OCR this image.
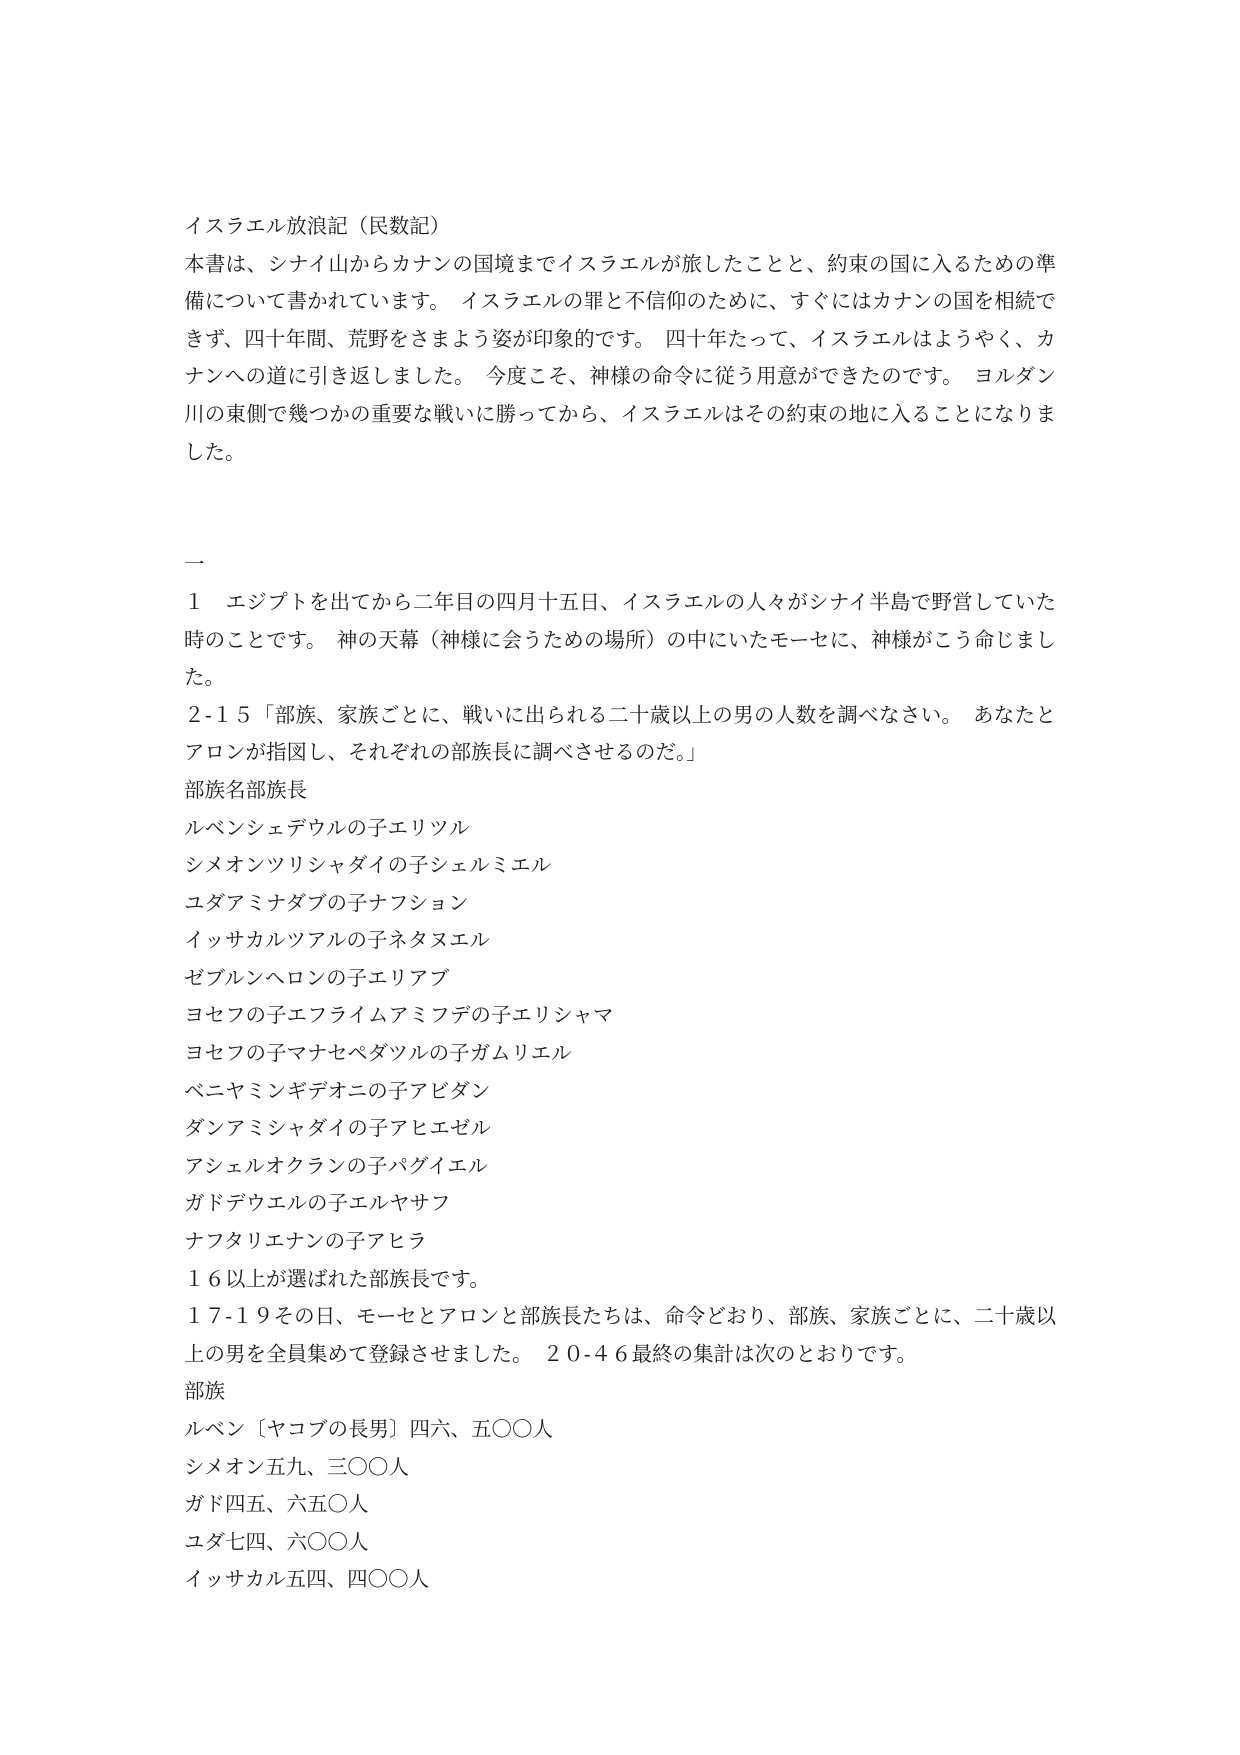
イスラエル放浪記（民数記）

本書は、シナイ山からカナンの国境までイスラエルが旅したことと、約束の国に入るための準備について書かれています。　イスラエルの罪と不信仰のために、すぐにはカナンの国を相続できず、四十年間、荒野をさまよう姿が印象的です。　四十年たって、イスラエルはようやく、カナンへの道に引き返しました。　今度こそ、神様の命令に従う用意ができたのです。　ヨルダン川の東側で幾つかの重要な戦いに勝ってから、イスラエルはその約束の地に入ることになりました。

一

１　エジプトを出てから二年目の四月十五日、イスラエルの人々がシナイ半島で野営していた時のことです。　神の天幕（神様に会うための場所）の中にいたモーセに、神様がこう命じました。

２‐１５「部族、家族ごとに、戦いに出られる二十歳以上の男の人数を調べなさい。　あなたとアロンが指図し、それぞれの部族長に調べさせるのだ。」

部族名部族長

ルベンシェデウルの子エリツル

シメオンツリシャダイの子シェルミエル

ユダアミナダブの子ナフション

イッサカルツアルの子ネタヌエル

ゼブルンヘロンの子エリアブ

ヨセフの子エフライムアミフデの子エリシャマ

ヨセフの子マナセペダツルの子ガムリエル

ベニヤミンギデオニの子アビダン

ダンアミシャダイの子アヒエゼル

アシェルオクランの子パグイエル

ガドデウエルの子エルヤサフ

ナフタリエナンの子アヒラ

１６以上が選ばれた部族長です。

１７‐１９その日、モーセとアロンと部族長たちは、命令どおり、部族、家族ごとに、二十歳以上の男を全員集めて登録させました。　２０‐４６最終の集計は次のとおりです。

部族

ルベン〔ヤコブの長男〕四六、五〇〇人

シメオン五九、三〇〇人

ガド四五、六五〇人

ユダ七四、六〇〇人

イッサカル五四、四〇〇人
